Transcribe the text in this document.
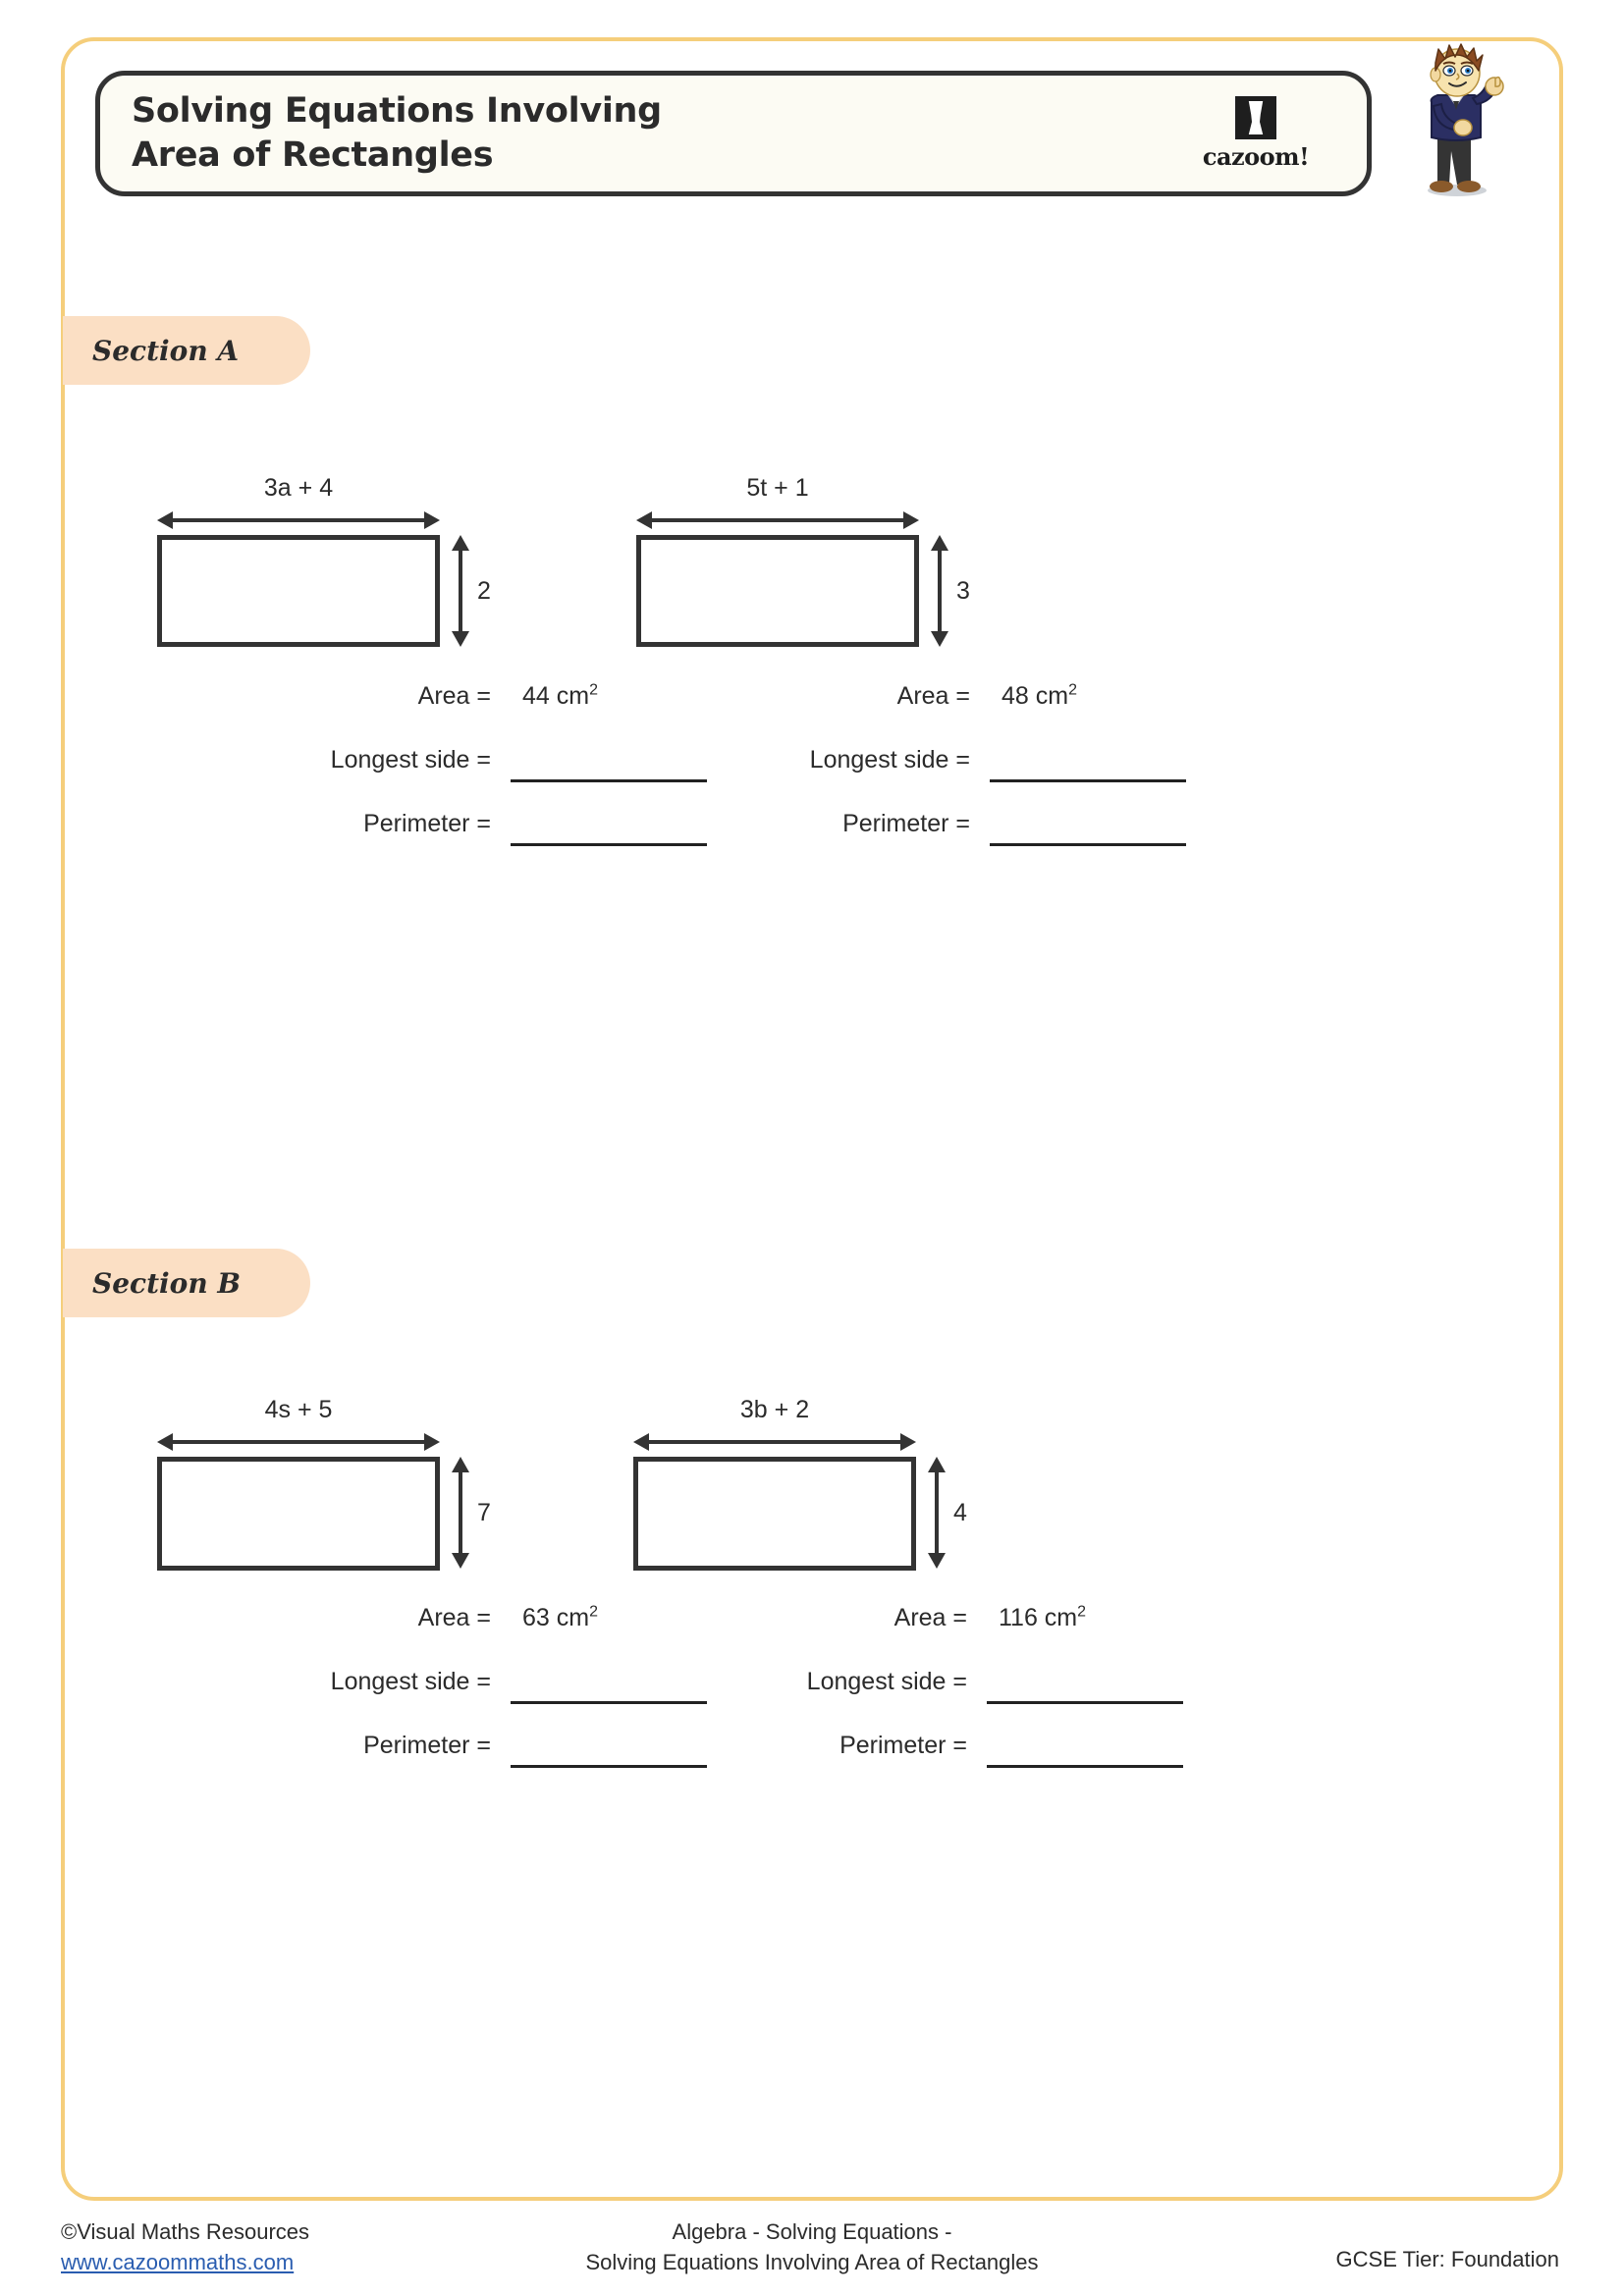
Solving Equations Involving
Area of Rectangles	cazoom!
Section A
Section B
3a + 4
2
Area = 44 $cm^2$
Longest side =
Perimeter =
5t + 1
3
Area = 48 $cm^2$
Longest side =
Perimeter =
4s + 5
7
Area = 63 $cm^2$
Longest side =
Perimeter =
3b + 2
4
Area = 116 $cm^2$
Longest side =
Perimeter =
©Visual Maths Resources
www.cazoommaths.com
Algebra - Solving Equations -
Solving Equations Involving Area of Rectangles	GCSE Tier: Foundation
